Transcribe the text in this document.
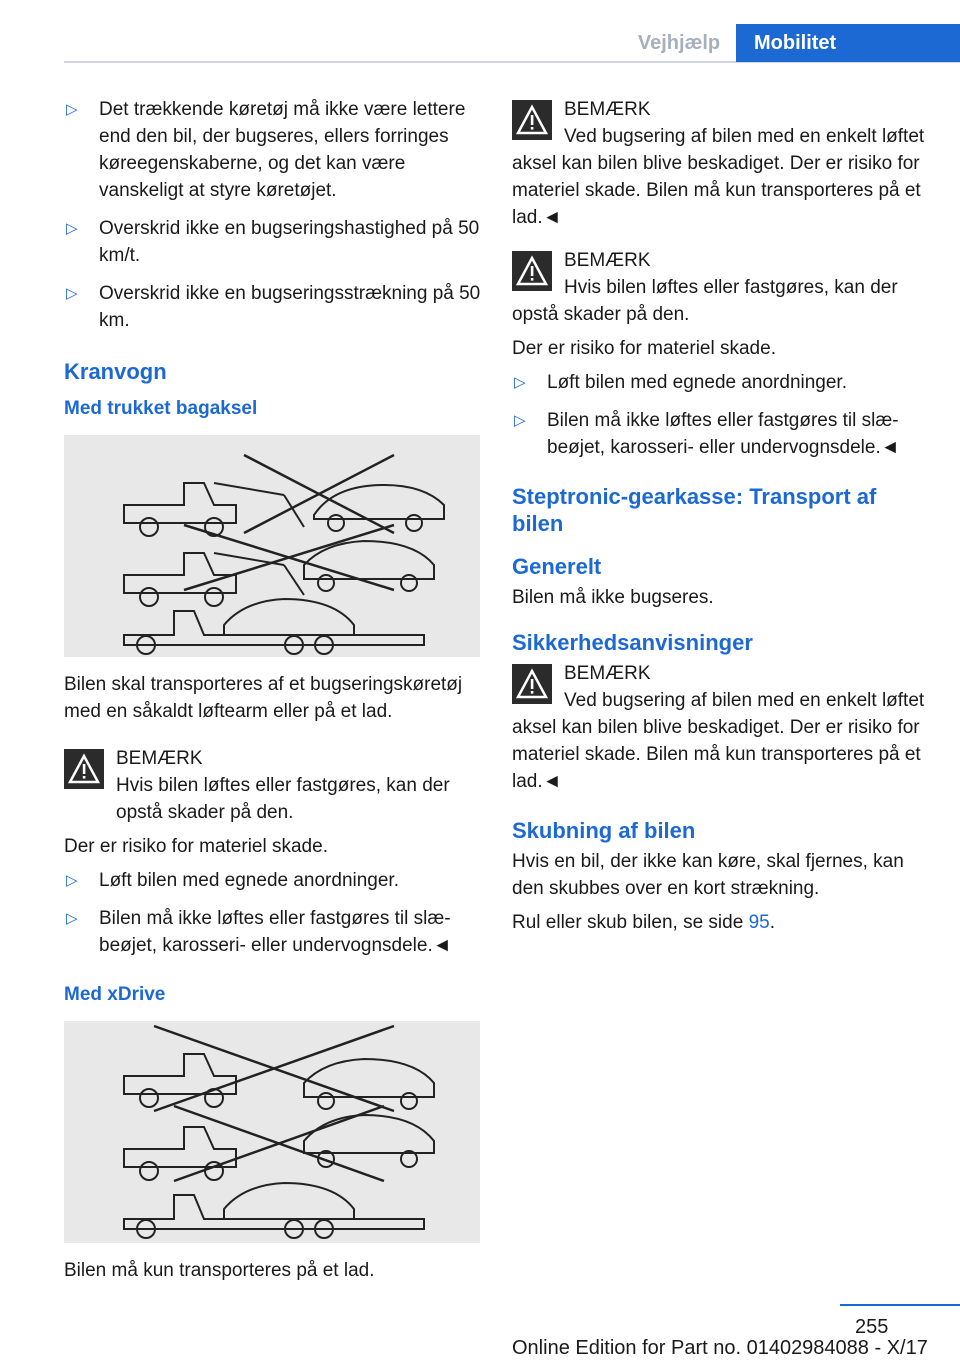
Vejhjælp	Mobilitet
▷ Det trækkende køretøj må ikke være lettere end den bil, der bugseres, ellers forringes køreegenskaberne, og det kan være vanskeligt at styre køretøjet.
▷ Overskrid ikke en bugseringshastighed på 50 km/t.
▷ Overskrid ikke en bugseringsstrækning på 50 km.
Kranvogn
Med trukket bagaksel
Bilen skal transporteres af et bugseringskøretøj med en såkaldt løftearm eller på et lad.
BEMÆRK
Hvis bilen løftes eller fastgøres, kan der opstå skader på den.
Der er risiko for materiel skade.
▷ Løft bilen med egnede anordninger.
▷ Bilen må ikke løftes eller fastgøres til slæbeøjet, karosseri- eller undervognsdele.◄
Med xDrive
Bilen må kun transporteres på et lad.
BEMÆRK
Ved bugsering af bilen med en enkelt løftet aksel kan bilen blive beskadiget. Der er risiko for materiel skade. Bilen må kun transporteres på et lad.◄
BEMÆRK
Hvis bilen løftes eller fastgøres, kan der opstå skader på den.
Der er risiko for materiel skade.
▷ Løft bilen med egnede anordninger.
▷ Bilen må ikke løftes eller fastgøres til slæbeøjet, karosseri- eller undervognsdele.◄
Steptronic-gearkasse: Transport af bilen
Generelt
Bilen må ikke bugseres.
Sikkerhedsanvisninger
BEMÆRK
Ved bugsering af bilen med en enkelt løftet aksel kan bilen blive beskadiget. Der er risiko for materiel skade. Bilen må kun transporteres på et lad.◄
Skubning af bilen
Hvis en bil, der ikke kan køre, skal fjernes, kan den skubbes over en kort strækning.
Rul eller skub bilen, se side 95.
255
Online Edition for Part no. 01402984088 - X/17
